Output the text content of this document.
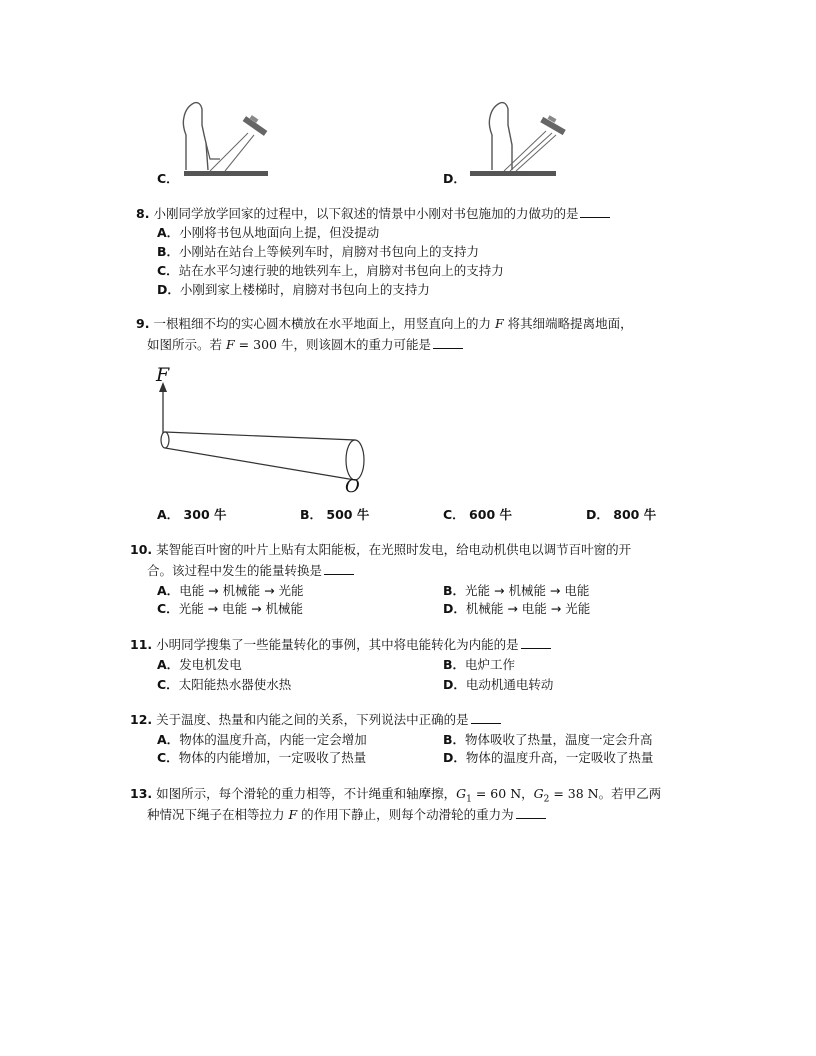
C．	D．
8. 小刚同学放学回家的过程中，以下叙述的情景中小刚对书包施加的力做功的是
A．小刚将书包从地面向上提，但没提动
B．小刚站在站台上等候列车时，肩膀对书包向上的支持力
C．站在水平匀速行驶的地铁列车上，肩膀对书包向上的支持力
D．小刚到家上楼梯时，肩膀对书包向上的支持力
9. 一根粗细不均的实心圆木横放在水平地面上，用竖直向上的力 F 将其细端略提离地面，
如图所示。若 F = 300 牛，则该圆木的重力可能是
F
O
A． 300 牛	B． 500 牛	C． 600 牛	D． 800 牛
10. 某智能百叶窗的叶片上贴有太阳能板，在光照时发电，给电动机供电以调节百叶窗的开
合。该过程中发生的能量转换是
A．电能 → 机械能 → 光能	B．光能 → 机械能 → 电能
C．光能 → 电能 → 机械能	D．机械能 → 电能 → 光能
11. 小明同学搜集了一些能量转化的事例，其中将电能转化为内能的是
A．发电机发电	B．电炉工作
C．太阳能热水器使水热	D．电动机通电转动
12. 关于温度、热量和内能之间的关系，下列说法中正确的是
A．物体的温度升高，内能一定会增加	B．物体吸收了热量，温度一定会升高
C．物体的内能增加，一定吸收了热量	D．物体的温度升高，一定吸收了热量
13. 如图所示，每个滑轮的重力相等，不计绳重和轴摩擦，$G_1 = 60$ N，$G_2 = 38$ N。若甲乙两
种情况下绳子在相等拉力 F 的作用下静止，则每个动滑轮的重力为
